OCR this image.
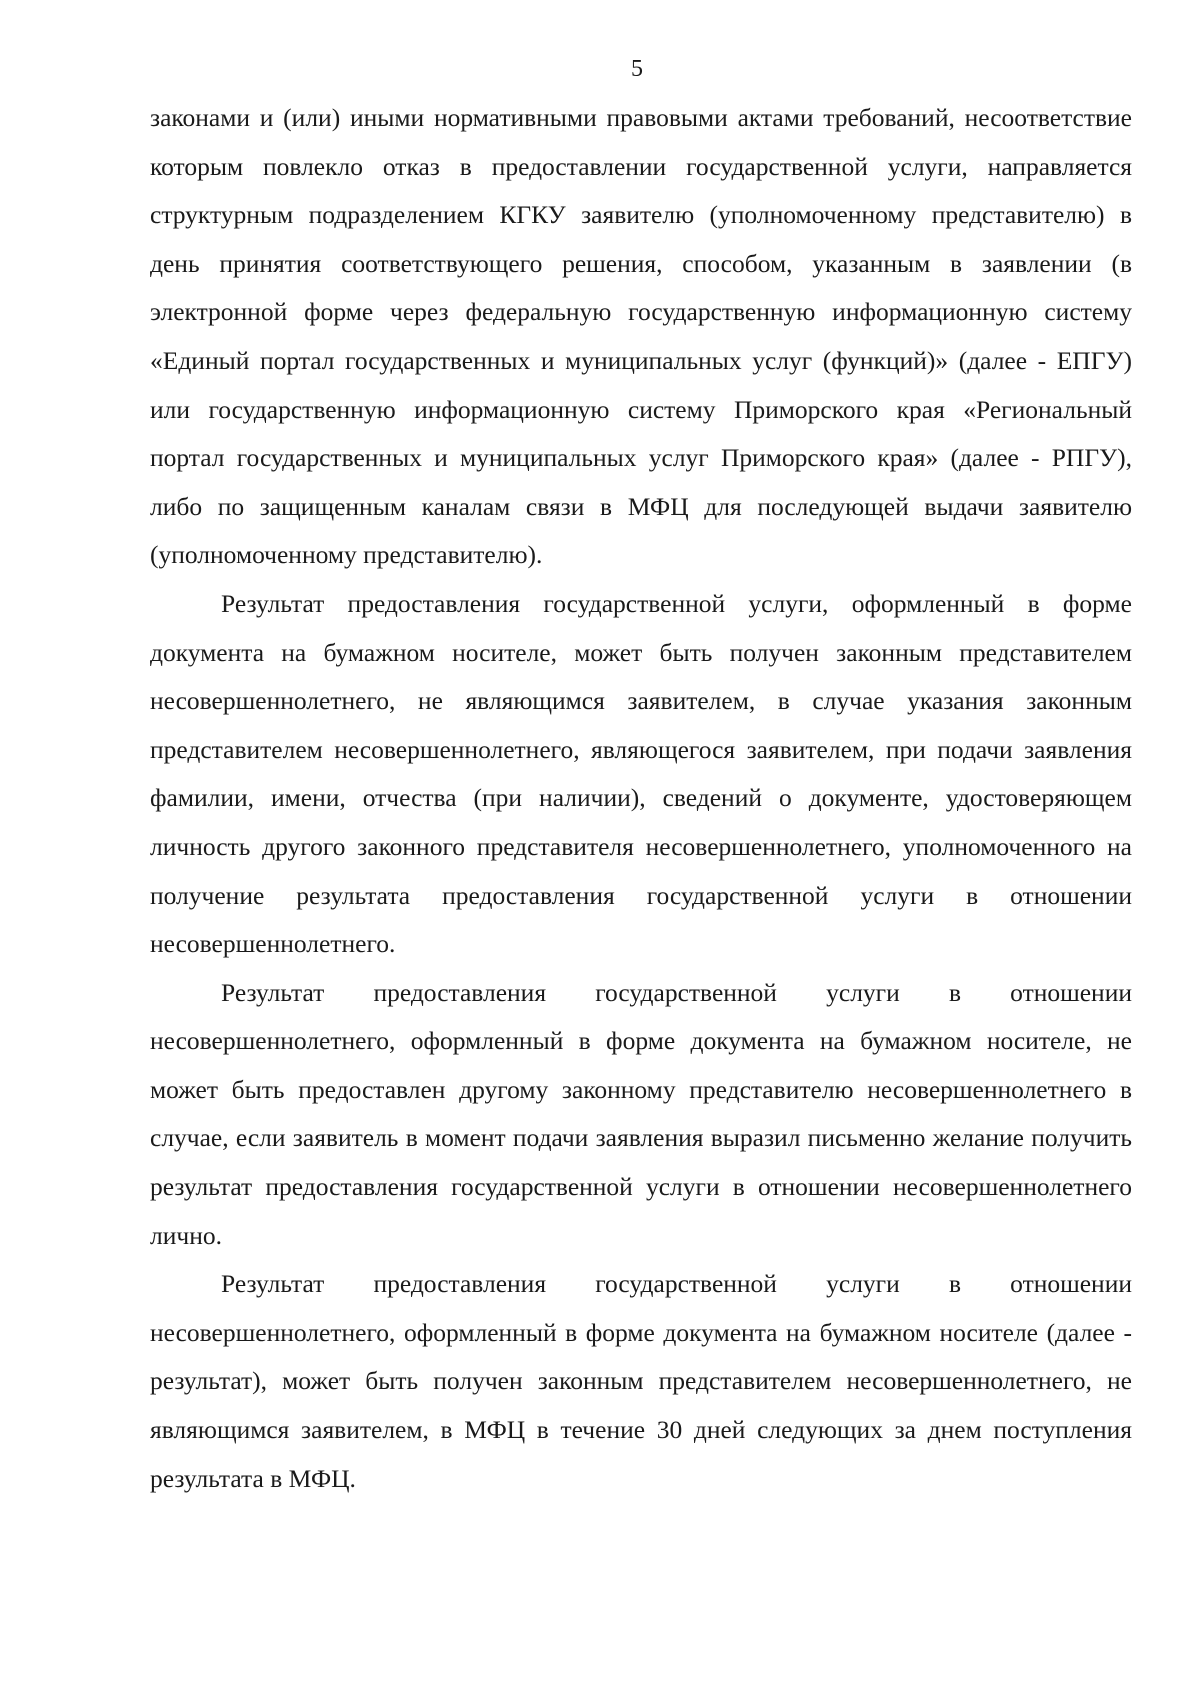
5

законами и (или) иными нормативными правовыми актами требований, несоответствие которым повлекло отказ в предоставлении государственной услуги, направляется структурным подразделением КГКУ заявителю (уполномоченному представителю) в день принятия соответствующего решения, способом, указанным в заявлении (в электронной форме через федеральную государственную информационную систему «Единый портал государственных и муниципальных услуг (функций)» (далее - ЕПГУ) или государственную информационную систему Приморского края «Региональный портал государственных и муниципальных услуг Приморского края» (далее - РПГУ), либо по защищенным каналам связи в МФЦ для последующей выдачи заявителю (уполномоченному представителю).

Результат предоставления государственной услуги, оформленный в форме документа на бумажном носителе, может быть получен законным представителем несовершеннолетнего, не являющимся заявителем, в случае указания законным представителем несовершеннолетнего, являющегося заявителем, при подачи заявления фамилии, имени, отчества (при наличии), сведений о документе, удостоверяющем личность другого законного представителя несовершеннолетнего, уполномоченного на получение результата предоставления государственной услуги в отношении несовершеннолетнего.

Результат предоставления государственной услуги в отношении несовершеннолетнего, оформленный в форме документа на бумажном носителе, не может быть предоставлен другому законному представителю несовершеннолетнего в случае, если заявитель в момент подачи заявления выразил письменно желание получить результат предоставления государственной услуги в отношении несовершеннолетнего лично.

Результат предоставления государственной услуги в отношении несовершеннолетнего, оформленный в форме документа на бумажном носителе (далее - результат), может быть получен законным представителем несовершеннолетнего, не являющимся заявителем, в МФЦ в течение 30 дней следующих за днем поступления результата в МФЦ.
